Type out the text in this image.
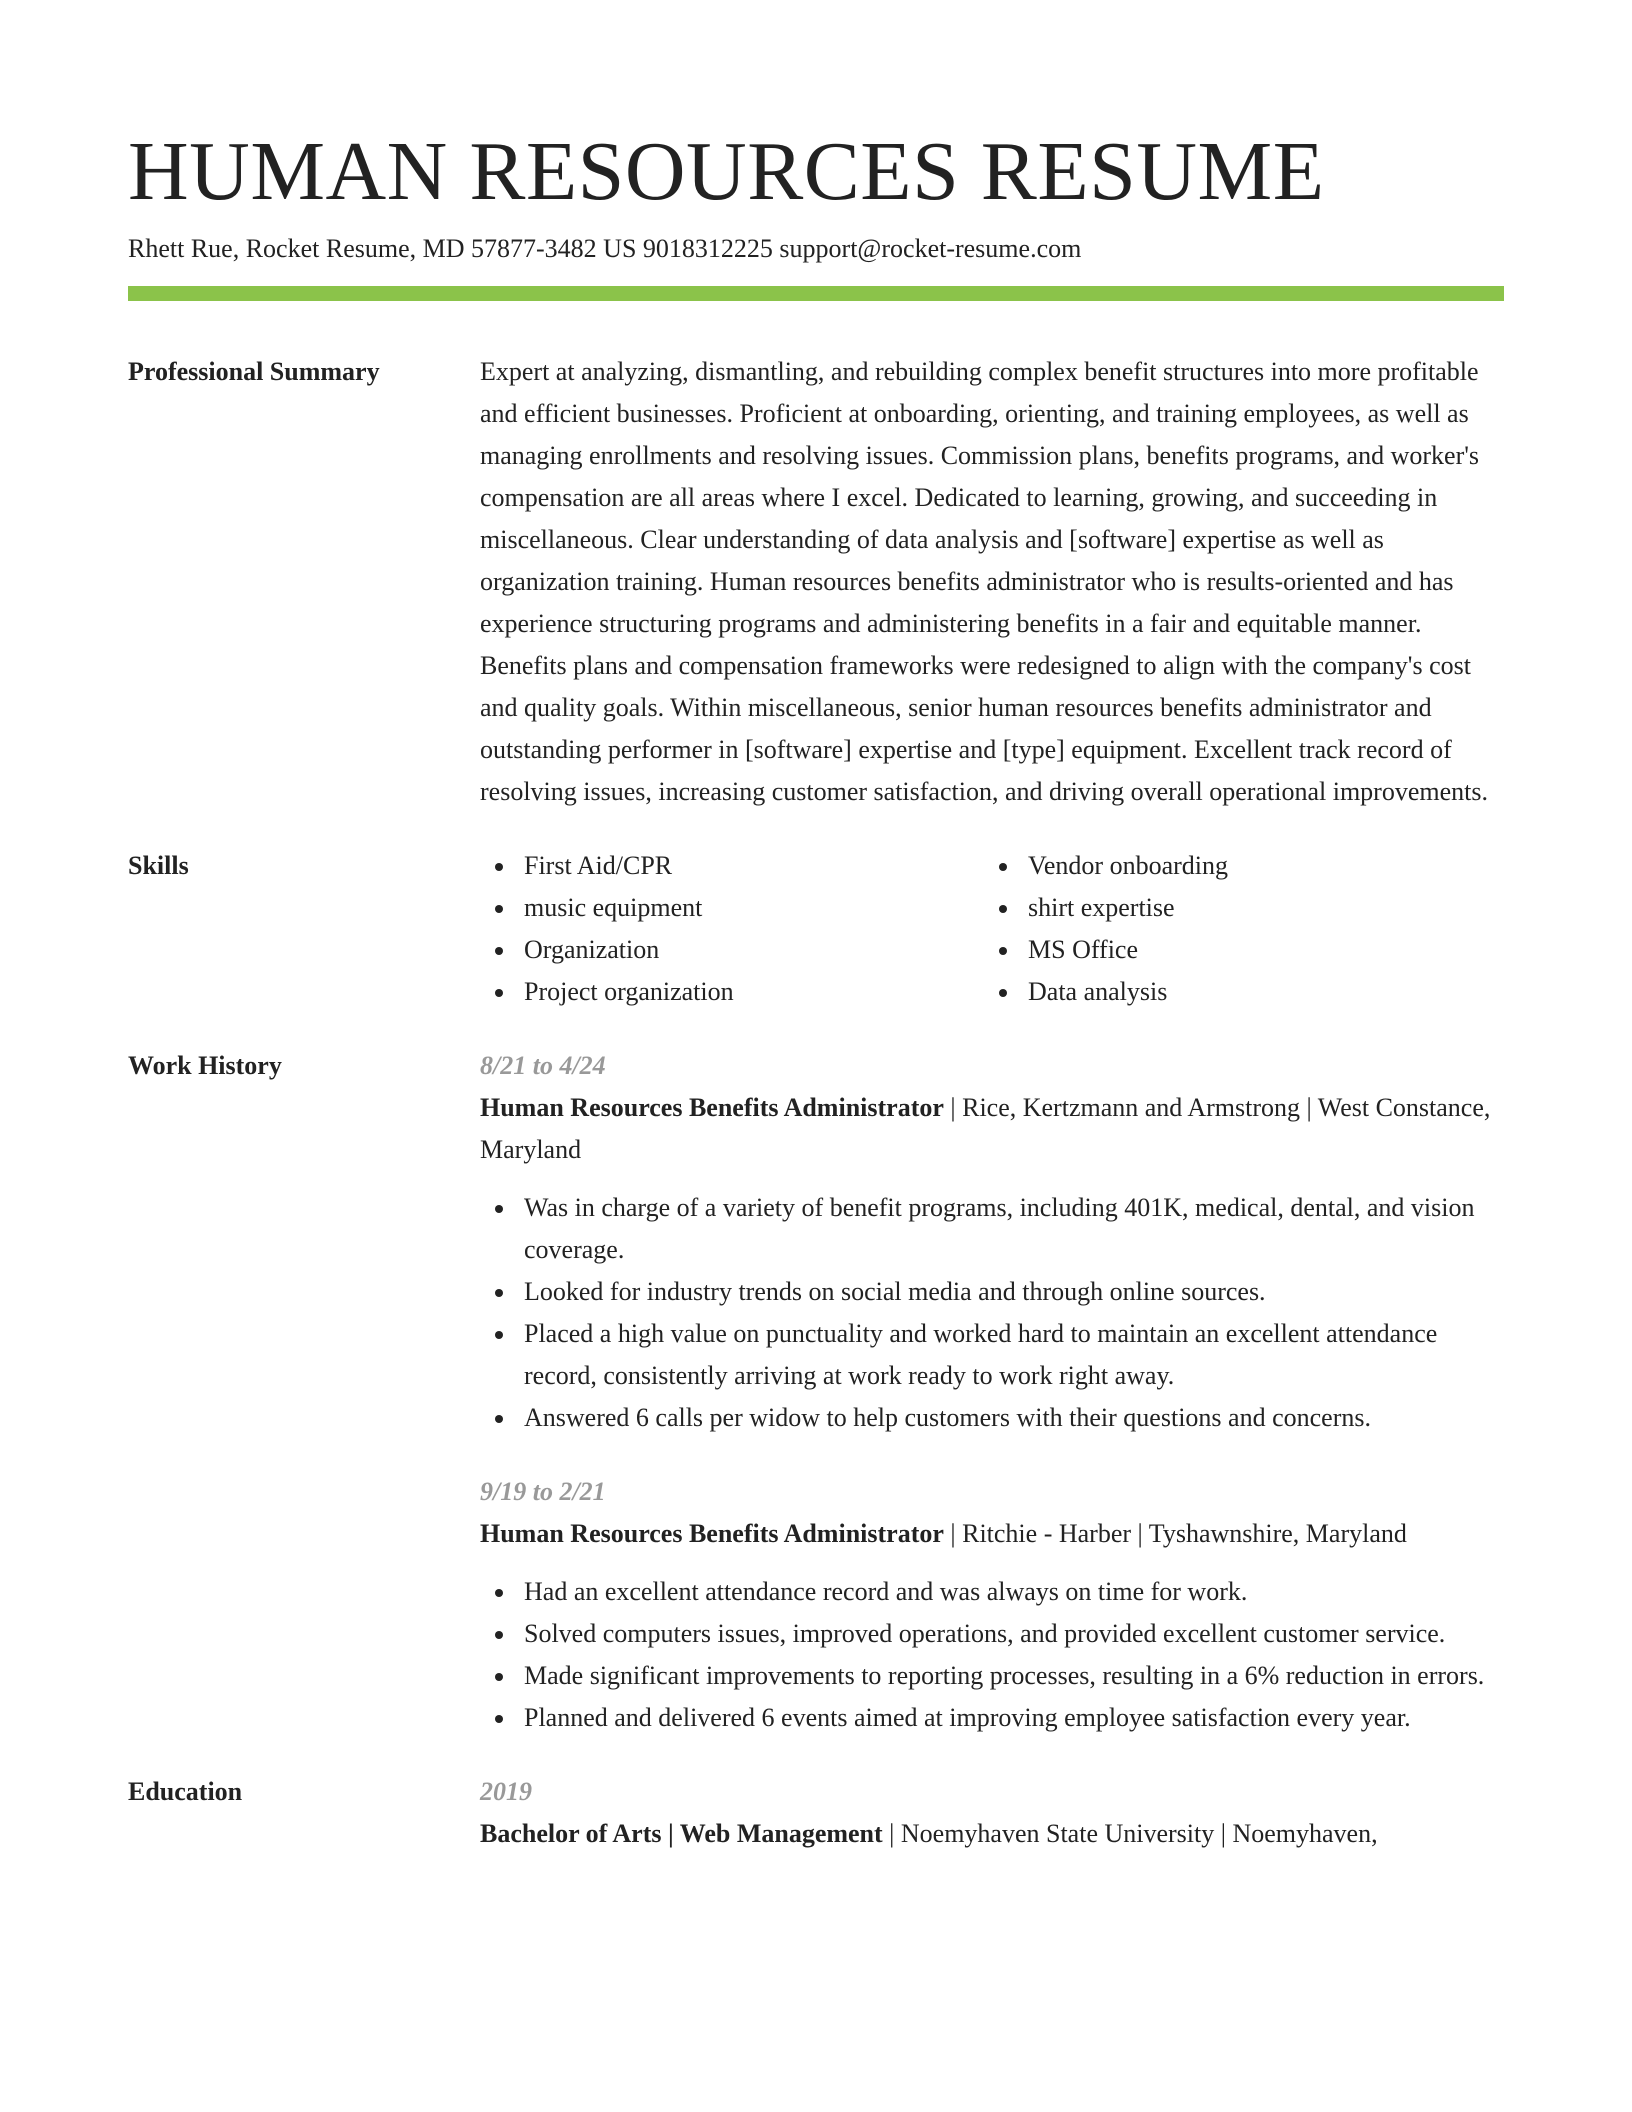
HUMAN RESOURCES RESUME
Rhett Rue, Rocket Resume, MD 57877-3482 US 9018312225 support@rocket-resume.com
Professional Summary	Expert at analyzing, dismantling, and rebuilding complex benefit structures into more profitable and efficient businesses. Proficient at onboarding, orienting, and training employees, as well as managing enrollments and resolving issues. Commission plans, benefits programs, and worker's compensation are all areas where I excel. Dedicated to learning, growing, and succeeding in miscellaneous. Clear understanding of data analysis and [software] expertise as well as organization training. Human resources benefits administrator who is results-oriented and has experience structuring programs and administering benefits in a fair and equitable manner. Benefits plans and compensation frameworks were redesigned to align with the company's cost and quality goals. Within miscellaneous, senior human resources benefits administrator and outstanding performer in [software] expertise and [type] equipment. Excellent track record of resolving issues, increasing customer satisfaction, and driving overall operational improvements.

Skills	First Aid/CPR	Vendor onboarding
music equipment	shirt expertise
Organization	MS Office
Project organization	Data analysis
Work History	8/21 to 4/24

Human Resources Benefits Administrator | Rice, Kertzmann and Armstrong | West Constance, Maryland

Was in charge of a variety of benefit programs, including 401K, medical, dental, and vision coverage.
Looked for industry trends on social media and through online sources.
Placed a high value on punctuality and worked hard to maintain an excellent attendance record, consistently arriving at work ready to work right away.
Answered 6 calls per widow to help customers with their questions and concerns.

9/19 to 2/21

Human Resources Benefits Administrator | Ritchie - Harber | Tyshawnshire, Maryland

Had an excellent attendance record and was always on time for work.
Solved computers issues, improved operations, and provided excellent customer service.
Made significant improvements to reporting processes, resulting in a 6% reduction in errors.
Planned and delivered 6 events aimed at improving employee satisfaction every year.
Education	2019

Bachelor of Arts | Web Management | Noemyhaven State University | Noemyhaven,
